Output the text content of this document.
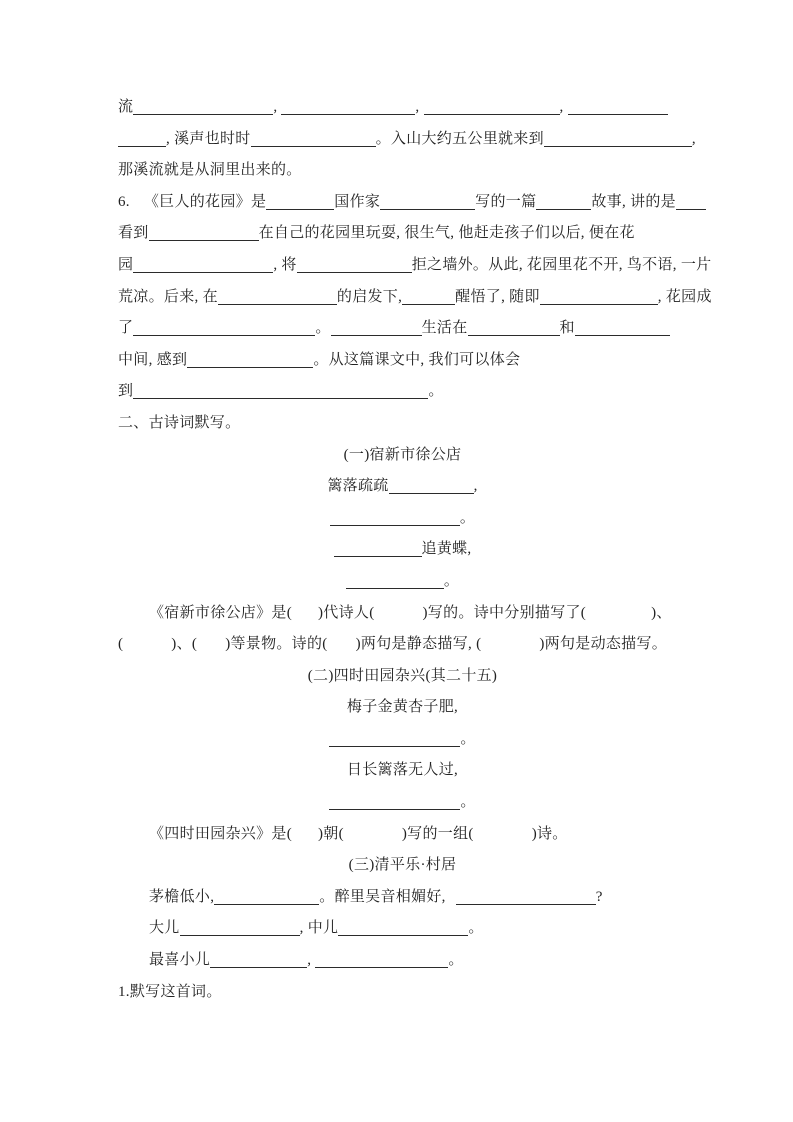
流	,	,	,
, 溪声也时时	。入山大约五公里就来到	,
那溪流就是从洞里出来的。
6. 《巨人的花园》是	国作家	写的一篇	故事, 讲的是
看到	在自己的花园里玩耍, 很生气, 他赶走孩子们以后, 便在花
园	, 将	拒之墙外。从此, 花园里花不开, 鸟不语, 一片
荒凉。后来, 在	的启发下,	醒悟了, 随即	, 花园成
了	。	生活在	和
中间, 感到	。从这篇课文中, 我们可以体会
到	。
二、古诗词默写。
(一)宿新市徐公店
篱落疏疏	,
。
追黄蝶,
。
《宿新市徐公店》是( )代诗人(	)写的。诗中分别描写了(	)、
(	)、( )等景物。诗的( )两句是静态描写, (	)两句是动态描写。
(二)四时田园杂兴(其二十五)
梅子金黄杏子肥,
。
日长篱落无人过,
。
《四时田园杂兴》是( )朝(	)写的一组(	)诗。
(三)清平乐·村居
茅檐低小,	。醉里吴音相媚好,	?
大儿	, 中儿	。
最喜小儿	,	。
1.默写这首词。
